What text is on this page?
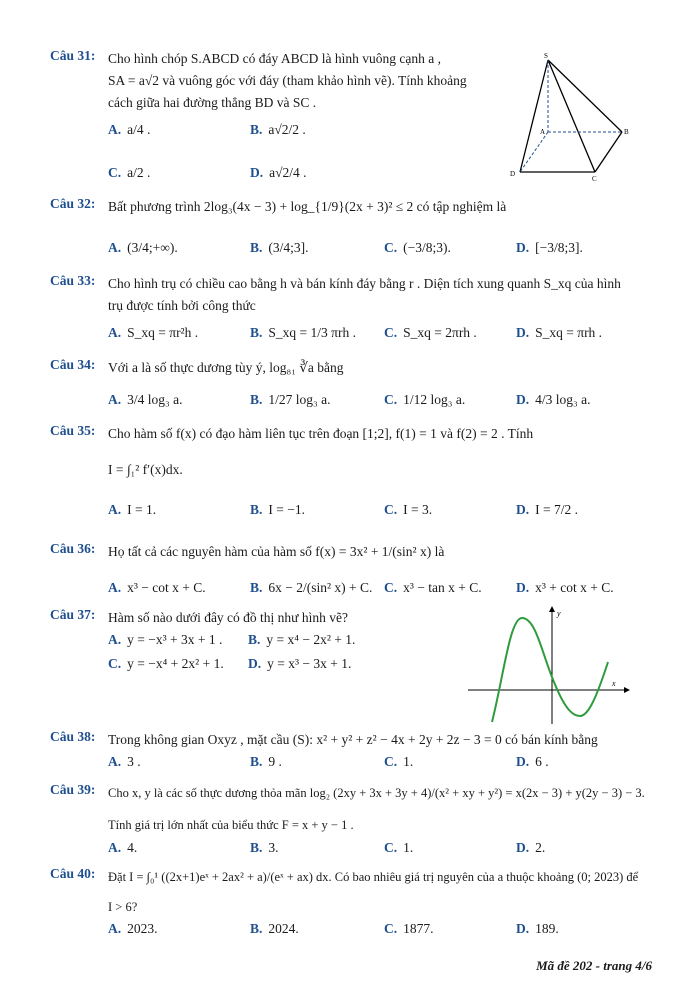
Câu 31: Cho hình chóp S.ABCD có đáy ABCD là hình vuông cạnh a ,
SA = a√2 và vuông góc với đáy (tham khảo hình vẽ). Tính khoảng
cách giữa hai đường thẳng BD và SC .
A. a/4 .	B. a√2/2 .
C. a/2 .	D. a√2/4 .
S
A	B
C
D
Câu 32: Bất phương trình 2log₃(4x − 3) + log_{1/9}(2x + 3)² ≤ 2 có tập nghiệm là
A. (3/4;+∞).	B. (3/4;3].	C. (−3/8;3).	D. [−3/8;3].
Câu 33: Cho hình trụ có chiều cao bằng h và bán kính đáy bằng r . Diện tích xung quanh S_xq của hình
trụ được tính bởi công thức
A. S_xq = πr²h .	B. S_xq = 1/3 πrh . C. S_xq = 2πrh .	D. S_xq = πrh .
Câu 34: Với a là số thực dương tùy ý, log₈₁ ∛a bằng
A. 3/4 log₃ a.	B. 1/27 log₃ a.	C. 1/12 log₃ a.	D. 4/3 log₃ a.
Câu 35: Cho hàm số f(x) có đạo hàm liên tục trên đoạn [1;2], f(1) = 1 và f(2) = 2 . Tính
I = ∫₁² f′(x)dx.
A. I = 1.	B. I = −1.	C. I = 3.	D. I = 7/2 .
Câu 36: Họ tất cả các nguyên hàm của hàm số f(x) = 3x² + 1/(sin² x) là
A. x³ − cot x + C.	B. 6x − 2/(sin² x) + C. C. x³ − tan x + C.	D. x³ + cot x + C.
Câu 37: Hàm số nào dưới đây có đồ thị như hình vẽ?
A. y = −x³ + 3x + 1 . B. y = x⁴ − 2x² + 1.
C. y = −x⁴ + 2x² + 1. D. y = x³ − 3x + 1.
y
x
Câu 38: Trong không gian Oxyz , mặt cầu (S): x² + y² + z² − 4x + 2y + 2z − 3 = 0 có bán kính bằng
A. 3 .	B. 9 .	C. 1.	D. 6 .
Câu 39: Cho x, y là các số thực dương thỏa mãn log₂ (2xy + 3x + 3y + 4)/(x² + xy + y²) = x(2x − 3) + y(2y − 3) − 3.
Tính giá trị lớn nhất của biểu thức F = x + y − 1 .
A. 4.	B. 3.	C. 1.	D. 2.
Câu 40: Đặt I = ∫₀¹ ((2x+1)eˣ + 2ax² + a)/(eˣ + ax) dx. Có bao nhiêu giá trị nguyên của a thuộc khoảng (0; 2023) để
I > 6?
A. 2023.	B. 2024.	C. 1877.	D. 189.
Mã đề 202 - trang 4/6
